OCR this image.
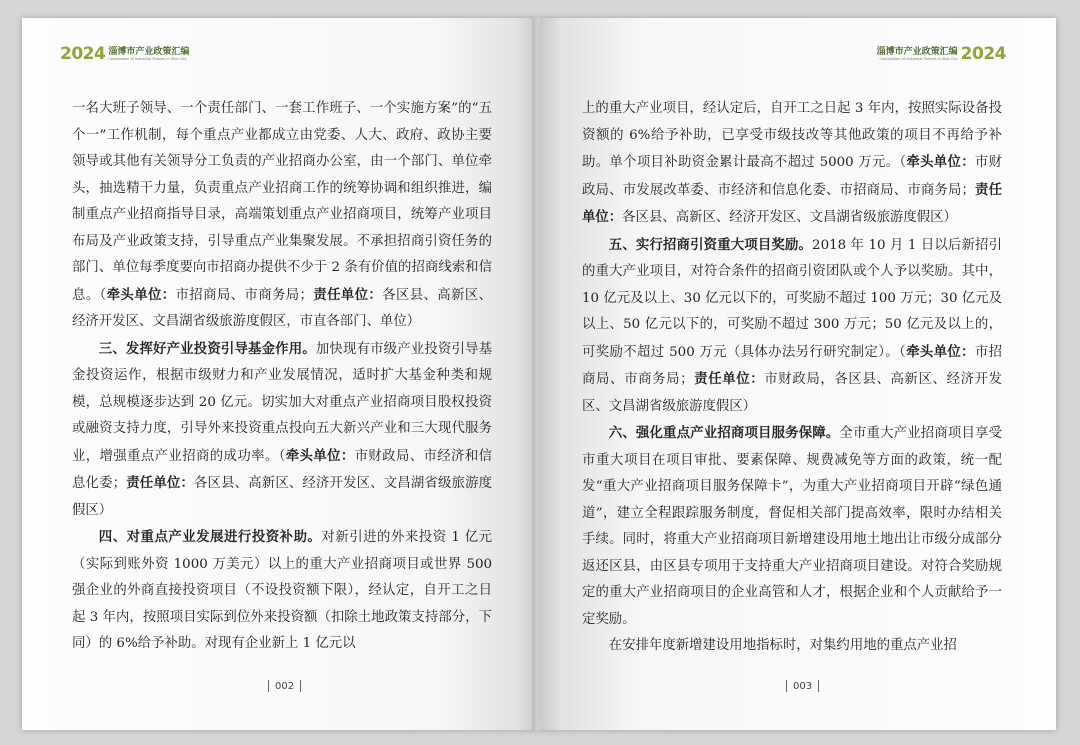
2024 淄博市产业政策汇编
Compilation of Industrial Policies in Zibo City

一名大班子领导、一个责任部门、一套工作班子、一个实施方案”的“五个一”工作机制，每个重点产业都成立由党委、人大、政府、政协主要领导或其他有关领导分工负责的产业招商办公室，由一个部门、单位牵头，抽选精干力量，负责重点产业招商工作的统筹协调和组织推进，编制重点产业招商指导目录，高端策划重点产业招商项目，统筹产业项目布局及产业政策支持，引导重点产业集聚发展。不承担招商引资任务的部门、单位每季度要向市招商办提供不少于 2 条有价值的招商线索和信息。（牵头单位：市招商局、市商务局；责任单位：各区县、高新区、经济开发区、文昌湖省级旅游度假区，市直各部门、单位）

三、发挥好产业投资引导基金作用。加快现有市级产业投资引导基金投资运作，根据市级财力和产业发展情况，适时扩大基金种类和规模，总规模逐步达到 20 亿元。切实加大对重点产业招商项目股权投资或融资支持力度，引导外来投资重点投向五大新兴产业和三大现代服务业，增强重点产业招商的成功率。（牵头单位：市财政局、市经济和信息化委；责任单位：各区县、高新区、经济开发区、文昌湖省级旅游度假区）

四、对重点产业发展进行投资补助。对新引进的外来投资 1 亿元（实际到账外资 1000 万美元）以上的重大产业招商项目或世界 500 强企业的外商直接投资项目（不设投资额下限），经认定，自开工之日起 3 年内，按照项目实际到位外来投资额（扣除土地政策支持部分，下同）的 6%给予补助。对现有企业新上 1 亿元以

002
淄博市产业政策汇编
Compilation of Industrial Policies in Zibo City 2024

上的重大产业项目，经认定后，自开工之日起 3 年内，按照实际设备投资额的 6%给予补助，已享受市级技改等其他政策的项目不再给予补助。单个项目补助资金累计最高不超过 5000 万元。（牵头单位：市财政局、市发展改革委、市经济和信息化委、市招商局、市商务局；责任单位：各区县、高新区、经济开发区、文昌湖省级旅游度假区）

五、实行招商引资重大项目奖励。2018 年 10 月 1 日以后新招引的重大产业项目，对符合条件的招商引资团队或个人予以奖励。其中，10 亿元及以上、30 亿元以下的，可奖励不超过 100 万元；30 亿元及以上、50 亿元以下的，可奖励不超过 300 万元；50 亿元及以上的，可奖励不超过 500 万元（具体办法另行研究制定）。（牵头单位：市招商局、市商务局；责任单位：市财政局，各区县、高新区、经济开发区、文昌湖省级旅游度假区）

六、强化重点产业招商项目服务保障。全市重大产业招商项目享受市重大项目在项目审批、要素保障、规费减免等方面的政策，统一配发“重大产业招商项目服务保障卡”，为重大产业招商项目开辟“绿色通道”，建立全程跟踪服务制度，督促相关部门提高效率，限时办结相关手续。同时，将重大产业招商项目新增建设用地土地出让市级分成部分返还区县，由区县专项用于支持重大产业招商项目建设。对符合奖励规定的重大产业招商项目的企业高管和人才，根据企业和个人贡献给予一定奖励。

在安排年度新增建设用地指标时，对集约用地的重点产业招

003
